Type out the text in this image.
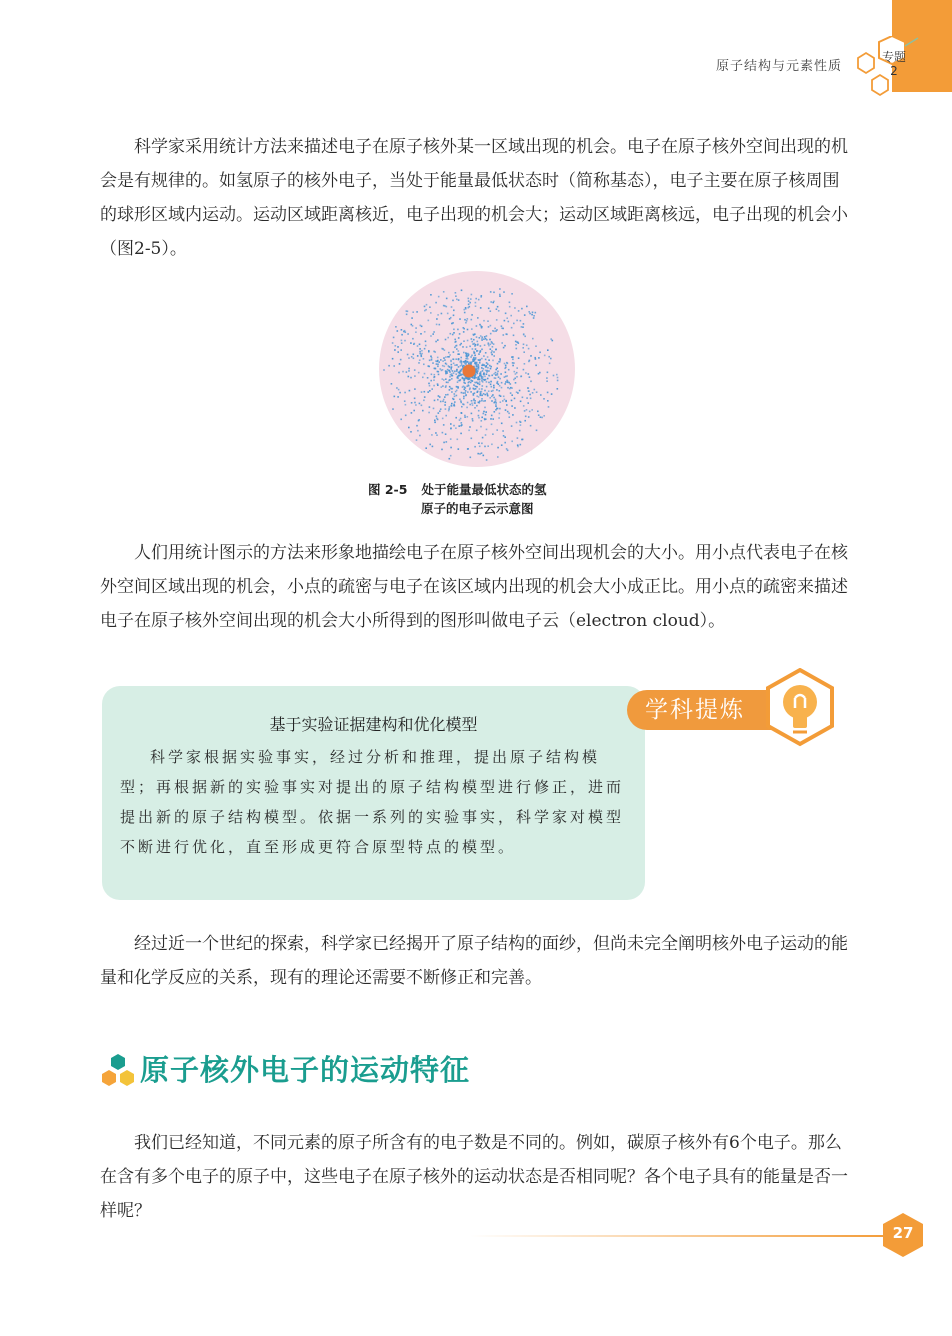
原子结构与元素性质
专题
2

科学家采用统计方法来描述电子在原子核外某一区域出现的机会。电子在原子核外空间出现的机会是有规律的。如氢原子的核外电子，当处于能量最低状态时（简称基态），电子主要在原子核周围的球形区域内运动。运动区域距离核近，电子出现的机会大；运动区域距离核远，电子出现的机会小（图2-5）。

图 2-5 处于能量最低状态的氢
原子的电子云示意图

人们用统计图示的方法来形象地描绘电子在原子核外空间出现机会的大小。用小点代表电子在核外空间区域出现的机会，小点的疏密与电子在该区域内出现的机会大小成正比。用小点的疏密来描述电子在原子核外空间出现的机会大小所得到的图形叫做电子云（electron cloud）。

基于实验证据建构和优化模型

科学家根据实验事实，经过分析和推理，提出原子结构模型；再根据新的实验事实对提出的原子结构模型进行修正，进而提出新的原子结构模型。依据一系列的实验事实，科学家对模型不断进行优化，直至形成更符合原型特点的模型。

学科提炼

经过近一个世纪的探索，科学家已经揭开了原子结构的面纱，但尚未完全阐明核外电子运动的能量和化学反应的关系，现有的理论还需要不断修正和完善。

原子核外电子的运动特征

我们已经知道，不同元素的原子所含有的电子数是不同的。例如，碳原子核外有6个电子。那么在含有多个电子的原子中，这些电子在原子核外的运动状态是否相同呢？各个电子具有的能量是否一样呢？

27
